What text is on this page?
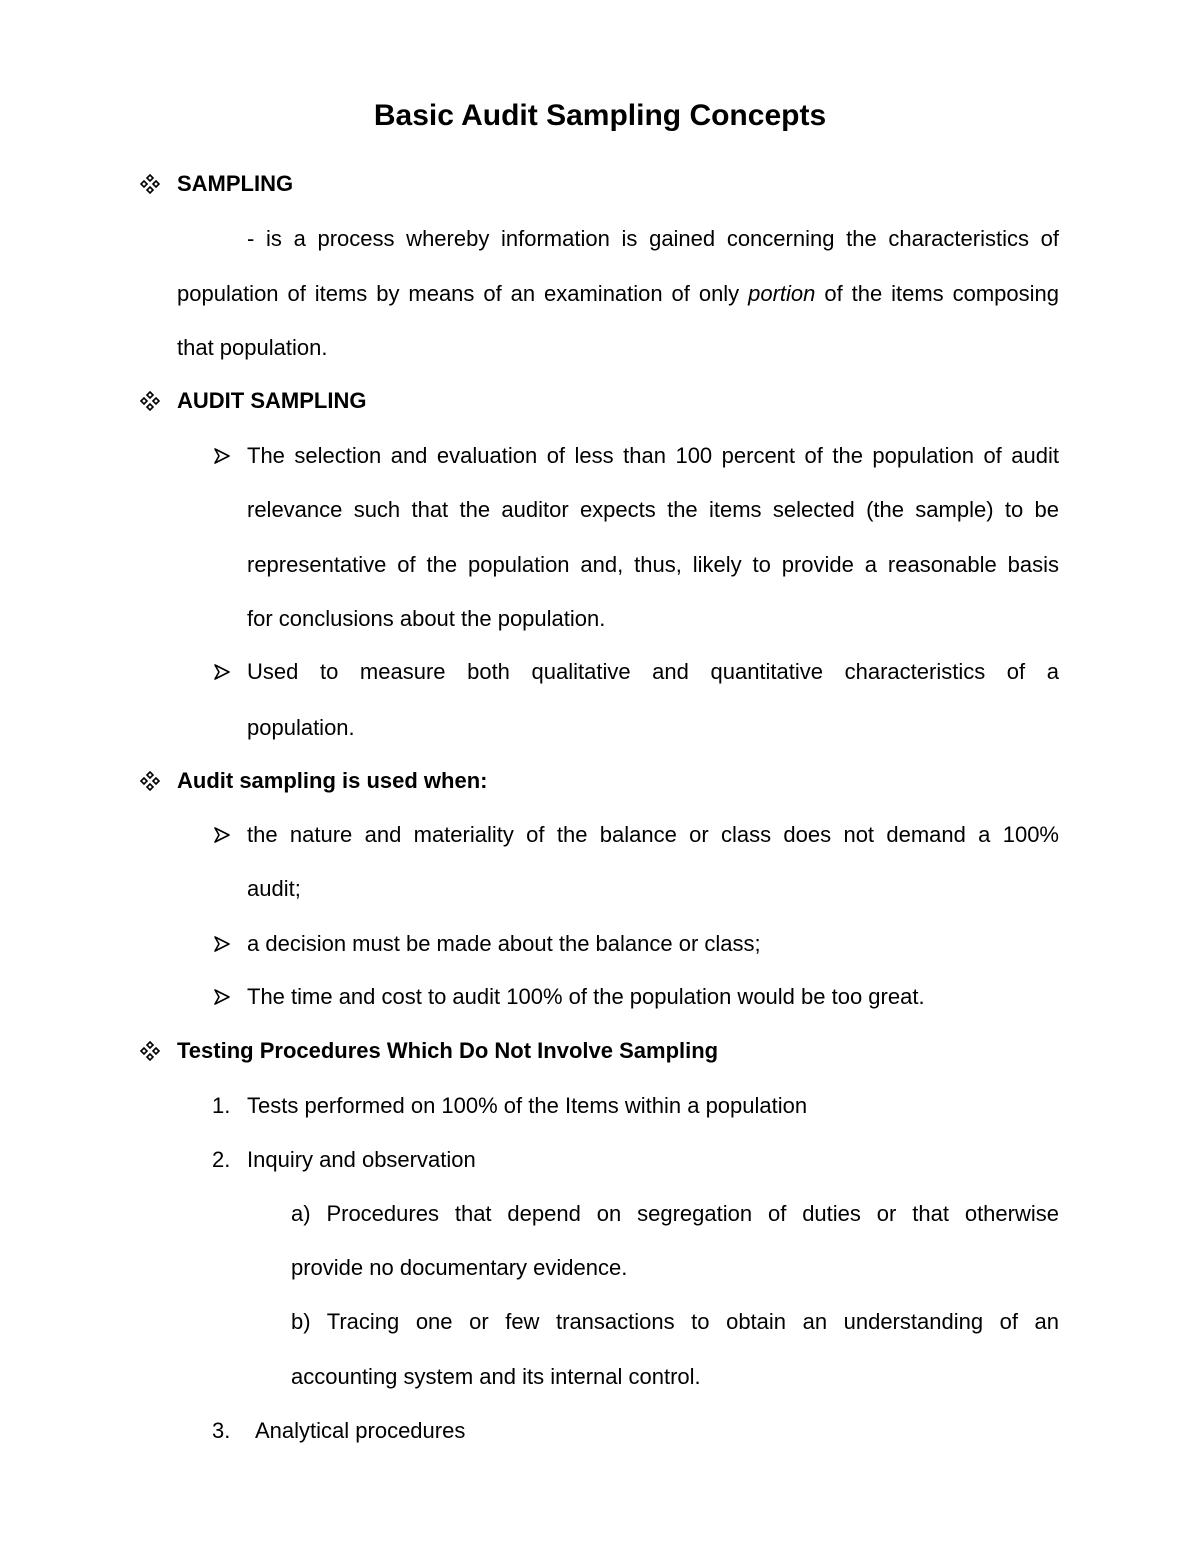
Basic Audit Sampling Concepts
SAMPLING
- is a process whereby information is gained concerning the characteristics of
population of items by means of an examination of only portion of the items composing
that population.
AUDIT SAMPLING
The selection and evaluation of less than 100 percent of the population of audit
relevance such that the auditor expects the items selected (the sample) to be
representative of the population and, thus, likely to provide a reasonable basis
for conclusions about the population.
Used to measure both qualitative and quantitative characteristics of a
population.
Audit sampling is used when:
the nature and materiality of the balance or class does not demand a 100%
audit;
a decision must be made about the balance or class;
The time and cost to audit 100% of the population would be too great.
Testing Procedures Which Do Not Involve Sampling
1. Tests performed on 100% of the Items within a population
2. Inquiry and observation
a) Procedures that depend on segregation of duties or that otherwise
provide no documentary evidence.
b) Tracing one or few transactions to obtain an understanding of an
accounting system and its internal control.
3. Analytical procedures
